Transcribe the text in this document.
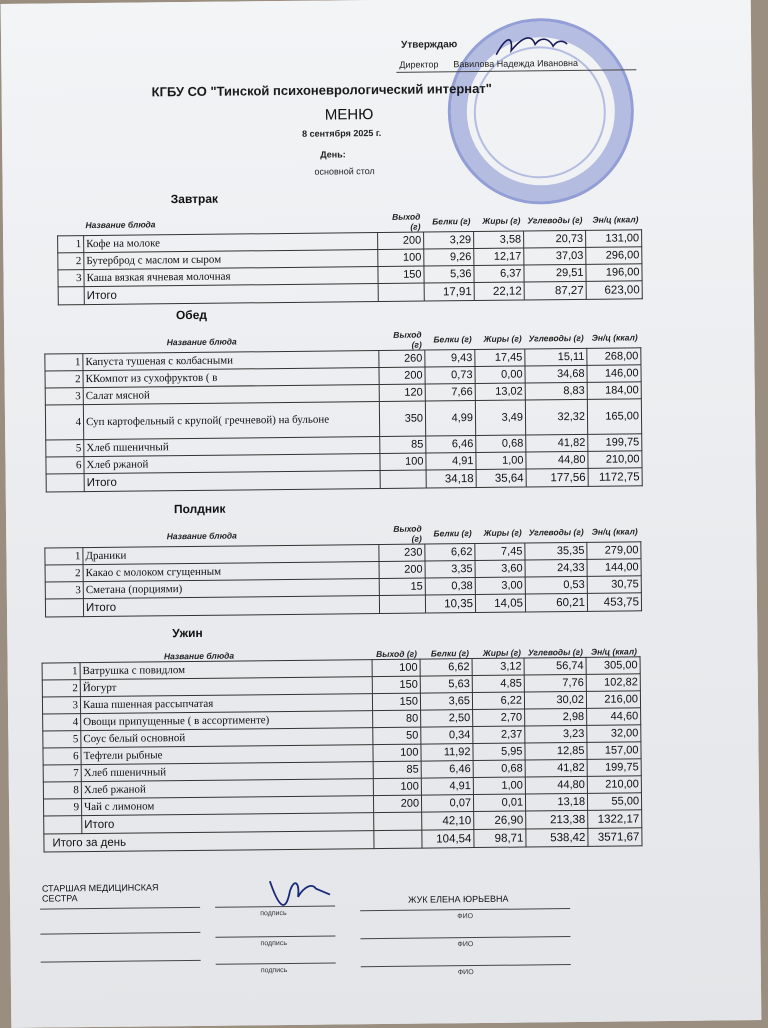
Утверждаю
Директор Вавилова Надежда Ивановна
КГБУ СО "Тинской психоневрологический интернат"
МЕНЮ
8 сентября 2025 г.
День:
основной стол
Завтрак
Название блюда		Выход (г)	Белки (г)	Жиры (г)	Углеводы (г)	Эн/ц (ккал)
1	Кофе на молоке	200	3,29	3,58	20,73	131,00
2	Бутерброд с маслом и сыром	100	9,26	12,17	37,03	296,00
3	Каша вязкая ячневая молочная	150	5,36	6,37	29,51	196,00
	Итого		17,91	22,12	87,27	623,00
Обед
Название блюда		Выход (г)	Белки (г)	Жиры (г)	Углеводы (г)	Эн/ц (ккал)
1	Капуста тушеная с колбасными	260	9,43	17,45	15,11	268,00
2	ККомпот из сухофруктов ( в	200	0,73	0,00	34,68	146,00
3	Салат мясной	120	7,66	13,02	8,83	184,00
4	Суп картофельный с крупой( гречневой) на бульоне	350	4,99	3,49	32,32	165,00
5	Хлеб пшеничный	85	6,46	0,68	41,82	199,75
6	Хлеб ржаной	100	4,91	1,00	44,80	210,00
	Итого		34,18	35,64	177,56	1172,75
Полдник
Название блюда		Выход (г)	Белки (г)	Жиры (г)	Углеводы (г)	Эн/ц (ккал)
1	Драники	230	6,62	7,45	35,35	279,00
2	Какао с молоком сгущенным	200	3,35	3,60	24,33	144,00
3	Сметана (порциями)	15	0,38	3,00	0,53	30,75
	Итого		10,35	14,05	60,21	453,75
Ужин
Название блюда		Выход (г)	Белки (г)	Жиры (г)	Углеводы (г)	Эн/ц (ккал)
1	Ватрушка с повидлом	100	6,62	3,12	56,74	305,00
2	Йогурт	150	5,63	4,85	7,76	102,82
3	Каша пшенная рассыпчатая	150	3,65	6,22	30,02	216,00
4	Овощи припущенные ( в ассортименте)	80	2,50	2,70	2,98	44,60
5	Соус белый основной	50	0,34	2,37	3,23	32,00
6	Тефтели рыбные	100	11,92	5,95	12,85	157,00
7	Хлеб пшеничный	85	6,46	0,68	41,82	199,75
8	Хлеб ржаной	100	4,91	1,00	44,80	210,00
9	Чай с лимоном	200	0,07	0,01	13,18	55,00
	Итого		42,10	26,90	213,38	1322,17
Итого за день			104,54	98,71	538,42	3571,67
СТАРШАЯ МЕДИЦИНСКАЯ СЕСТРА	ЖУК ЕЛЕНА ЮРЬЕВНА
подпись	ФИО
подпись	ФИО
подпись	ФИО
